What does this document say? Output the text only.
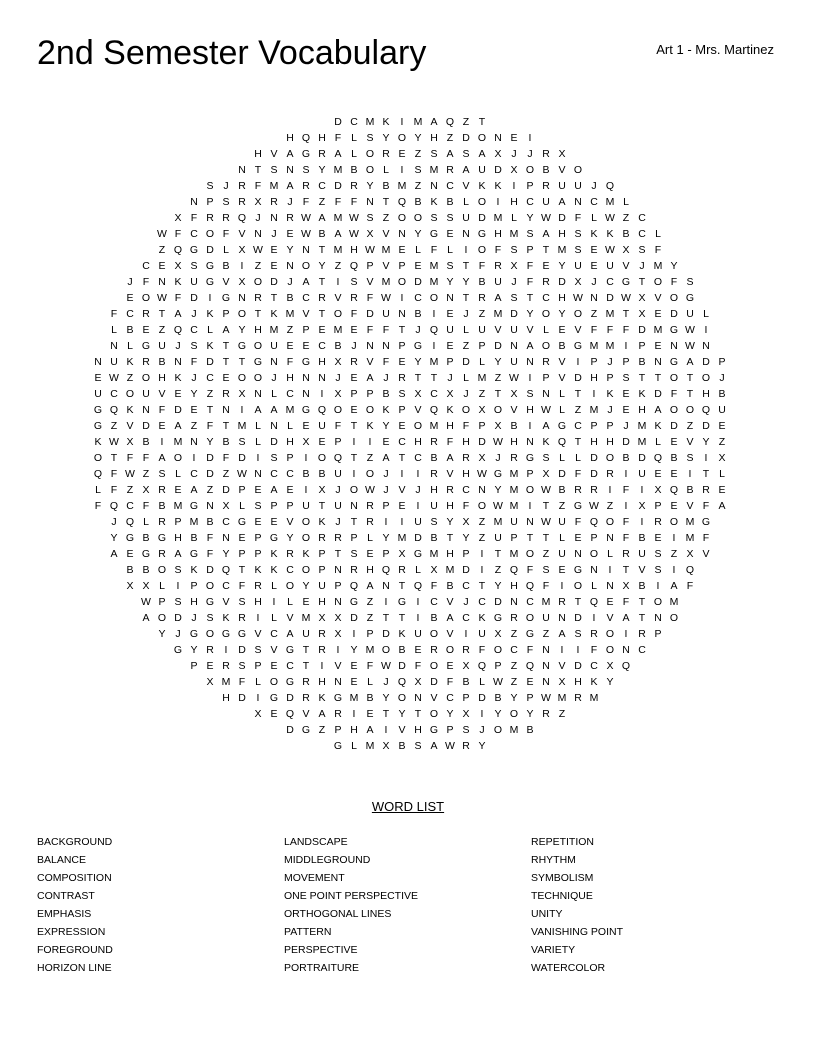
2nd Semester Vocabulary	Art 1 - Mrs. Martinez
D C M K	I M A Q Z T
H Q H F L S Y O Y H Z D O N E	I
H V A G R A L O R E Z S A S A X J	J R X
N T S N S Y M B O L	I	S M R A U D X O B V O
S J R F M A R C D R Y B M Z N C V K K	I	P R U U J Q
N P S R X R J F Z F F N T Q B K B L O I	H C U A N C M L
X F R R Q J N R W A M W S Z O O S S U D M L Y W D F L W Z C
W F C O F V N J E W B A W X V N Y G E N G H M S A H S K K B C L
Z Q G D L X W E Y N T M H W M E L F L	I O F S P T M S E W X S F
C E X S G B	I	Z E N O Y Z Q P V P E M S T F R X F E Y U E U V J M Y
J F N K U G V X O D J A T	I	S V M O D M Y Y B U J F R D X J C G T O F S
E O W F D	I G N R T B C R V R F W I	C O N T R A S T C H W N D W X V O G
F C R T A J K P O T K M V T O F D U N B	I	E J Z M D Y O Y O Z M T X E D U L
L B E Z Q C L A Y H M Z P E M E F F T J Q U L U V U V L E V F F F D M G W I
N L G U J S K T G O U E E C B J N N P G I	E Z P D N A O B G M M I	P E N W N
N U K R B N F D T T G N F G H X R V F E Y M P D L Y U N R V	I	P J P B N G A D P
E W Z O H K J C E O O J H N N J E A J R T T J L M Z W I	P V D H P S T T O T O J
U C O U V E Y Z R X N L C N	I	X P P B S X C X J Z T X S N L T	I	K E K D F T H B
G Q K N F D E T N	I	A A M G Q O E O K P V Q K O X O V H W L Z M J E H A O O Q U
G Z V D E A Z F T M L N L E U F T K Y E O M H F P X B	I	A G C P P J M K D Z D E
K W X B	I M N Y B S L D H X E P	I	I	E C H R F H D W H N K Q T H H D M L E V Y Z
O T F F A O I	D F D	I	S P	I O Q T Z A T C B A R X J R G S L L D O B D Q B S	I	X
Q F W Z S L C D Z W N C C B B U	I O J	I	I	R V H W G M P X D F D R	I	U E E	I	T L
L F Z X R E A Z D P E A E	I	X J O W J V J H R C N Y M O W B R R	I	F	I	X Q B R E
F Q C F B M G N X L S P P U T U N R P E	I	U H F O W M I	T Z G W Z	I	X P E V F A
J Q L R P M B C G E E V O K J T R	I	I	U S Y X Z M U N W U F Q O F	I	R O M G
Y G B G H B F N E P G Y O R R P L Y M D B T Y Z U P T T L E P N F B E	I M F
A E G R A G F Y P P K R K P T S E P X G M H P	I	T M O Z U N O L R U S Z X V
B B O S K D Q T K K C O P N R H Q R L X M D	I	Z Q F S E G N	I	T V S	I Q
X X L	I	P O C F R L O Y U P Q A N T Q F B C T Y H Q F	I O L N X B	I	A F
W P S H G V S H	I	L E H N G Z	I G I	C V J C D N C M R T Q E F T O M
A O D J S K R	I	L V M X X D Z T T	I	B A C K G R O U N D	I	V A T N O
Y J G O G G V C A U R X	I	P D K U O V	I	U X Z G Z A S R O I	R P
G Y R	I	D S V G T R	I	Y M O B E R O R F O C F N	I	I	F O N C
P E R S P E C T	I	V E F W D F O E X Q P Z Q N V D C X Q
X M F L O G R H N E L J Q X D F B L W Z E N X H K Y
H D	I G D R K G M B Y O N V C P D B Y P W M R M
X E Q V A R	I	E T Y T O Y X	I	Y O Y R Z
D G Z P H A	I	V H G P S J O M B
G L M X B S A W R Y
WORD LIST
BACKGROUND
BALANCE
COMPOSITION
CONTRAST
EMPHASIS
EXPRESSION
FOREGROUND
HORIZON LINE
LANDSCAPE
MIDDLEGROUND
MOVEMENT
ONE POINT PERSPECTIVE
ORTHOGONAL LINES
PATTERN
PERSPECTIVE
PORTRAITURE
REPETITION
RHYTHM
SYMBOLISM
TECHNIQUE
UNITY
VANISHING POINT
VARIETY
WATERCOLOR
